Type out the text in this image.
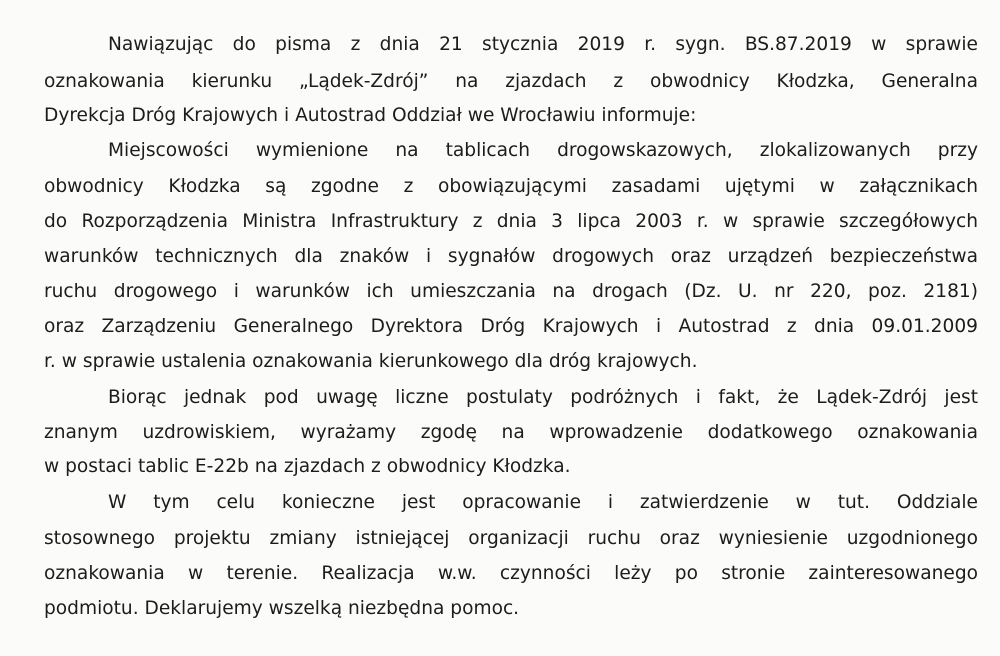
Nawiązując do pisma z dnia 21 stycznia 2019 r. sygn. BS.87.2019 w sprawie
oznakowania kierunku „Lądek-Zdrój” na zjazdach z obwodnicy Kłodzka, Generalna
Dyrekcja Dróg Krajowych i Autostrad Oddział we Wrocławiu informuje:
Miejscowości wymienione na tablicach drogowskazowych, zlokalizowanych przy
obwodnicy Kłodzka są zgodne z obowiązującymi zasadami ujętymi w załącznikach
do Rozporządzenia Ministra Infrastruktury z dnia 3 lipca 2003 r. w sprawie szczegółowych
warunków technicznych dla znaków i sygnałów drogowych oraz urządzeń bezpieczeństwa
ruchu drogowego i warunków ich umieszczania na drogach (Dz. U. nr 220, poz. 2181)
oraz Zarządzeniu Generalnego Dyrektora Dróg Krajowych i Autostrad z dnia 09.01.2009
r. w sprawie ustalenia oznakowania kierunkowego dla dróg krajowych.
Biorąc jednak pod uwagę liczne postulaty podróżnych i fakt, że Lądek-Zdrój jest
znanym uzdrowiskiem, wyrażamy zgodę na wprowadzenie dodatkowego oznakowania
w postaci tablic E-22b na zjazdach z obwodnicy Kłodzka.
W tym celu konieczne jest opracowanie i zatwierdzenie w tut. Oddziale
stosownego projektu zmiany istniejącej organizacji ruchu oraz wyniesienie uzgodnionego
oznakowania w terenie. Realizacja w.w. czynności leży po stronie zainteresowanego
podmiotu. Deklarujemy wszelką niezbędna pomoc.
